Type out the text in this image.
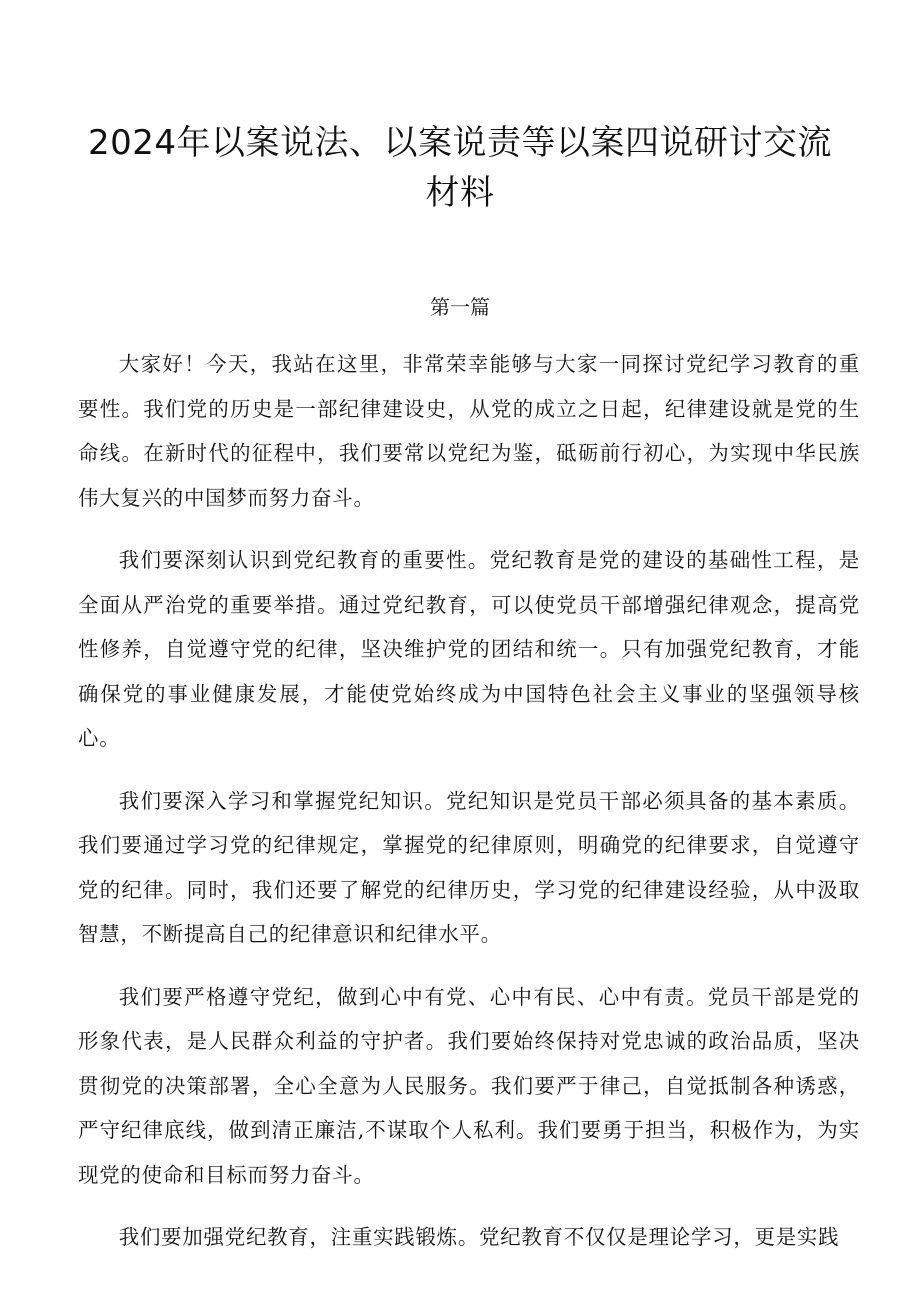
2024年以案说法、以案说责等以案四说研讨交流材料
第一篇

大家好！今天，我站在这里，非常荣幸能够与大家一同探讨党纪学习教育的重要性。我们党的历史是一部纪律建设史，从党的成立之日起，纪律建设就是党的生命线。在新时代的征程中，我们要常以党纪为鉴，砥砺前行初心，为实现中华民族伟大复兴的中国梦而努力奋斗。

我们要深刻认识到党纪教育的重要性。党纪教育是党的建设的基础性工程，是全面从严治党的重要举措。通过党纪教育，可以使党员干部增强纪律观念，提高党性修养，自觉遵守党的纪律，坚决维护党的团结和统一。只有加强党纪教育，才能确保党的事业健康发展，才能使党始终成为中国特色社会主义事业的坚强领导核心。

我们要深入学习和掌握党纪知识。党纪知识是党员干部必须具备的基本素质。我们要通过学习党的纪律规定，掌握党的纪律原则，明确党的纪律要求，自觉遵守党的纪律。同时，我们还要了解党的纪律历史，学习党的纪律建设经验，从中汲取智慧，不断提高自己的纪律意识和纪律水平。

我们要严格遵守党纪，做到心中有党、心中有民、心中有责。党员干部是党的形象代表，是人民群众利益的守护者。我们要始终保持对党忠诚的政治品质，坚决贯彻党的决策部署，全心全意为人民服务。我们要严于律己，自觉抵制各种诱惑，严守纪律底线，做到清正廉洁,不谋取个人私利。我们要勇于担当，积极作为，为实现党的使命和目标而努力奋斗。

我们要加强党纪教育，注重实践锻炼。党纪教育不仅仅是理论学习，更是实践
